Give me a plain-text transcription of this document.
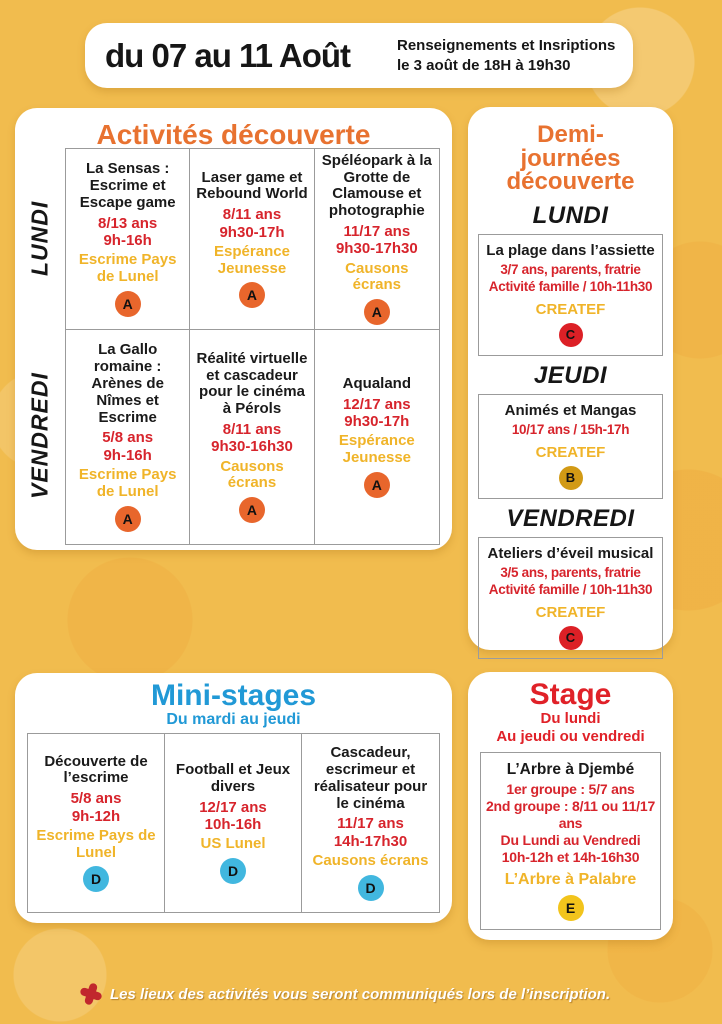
du 07 au 11 Août	Renseignements et Insriptions
le 3 août de 18H à 19h30
Activités découverte
LUNDI
VENDREDI
La Sensas : Escrime et Escape game
8/13 ans
9h-16h
Escrime Pays de Lunel
A
Laser game et Rebound World
8/11 ans
9h30-17h
Espérance Jeunesse
A
Spéléopark à la Grotte de Clamouse et photographie
11/17 ans
9h30-17h30
Causons écrans
A
La Gallo romaine : Arènes de Nîmes et Escrime
5/8 ans
9h-16h
Escrime Pays de Lunel
A
Réalité virtuelle et cascadeur pour le cinéma à Pérols
8/11 ans
9h30-16h30
Causons écrans
A
Aqualand
12/17 ans
9h30-17h
Espérance Jeunesse
A
Demi-
journées
découverte
LUNDI
La plage dans l’assiette
3/7 ans, parents, fratrie
Activité famille / 10h-11h30
CREATEF
C
JEUDI
Animés et Mangas
10/17 ans / 15h-17h
CREATEF
B
VENDREDI
Ateliers d’éveil musical
3/5 ans, parents, fratrie
Activité famille / 10h-11h30
CREATEF
C
Mini-stages
Du mardi au jeudi
Découverte de l’escrime
5/8 ans
9h-12h
Escrime Pays de Lunel
D
Football et Jeux divers
12/17 ans
10h-16h
US Lunel
D
Cascadeur, escrimeur et réalisateur pour le cinéma
11/17 ans
14h-17h30
Causons écrans
D
Stage
Du lundi
Au jeudi ou vendredi
L’Arbre à Djembé
1er groupe : 5/7 ans
2nd groupe : 8/11 ou 11/17 ans
Du Lundi au Vendredi
10h-12h et 14h-16h30
L’Arbre à Palabre
E
Les lieux des activités vous seront communiqués lors de l’inscription.
